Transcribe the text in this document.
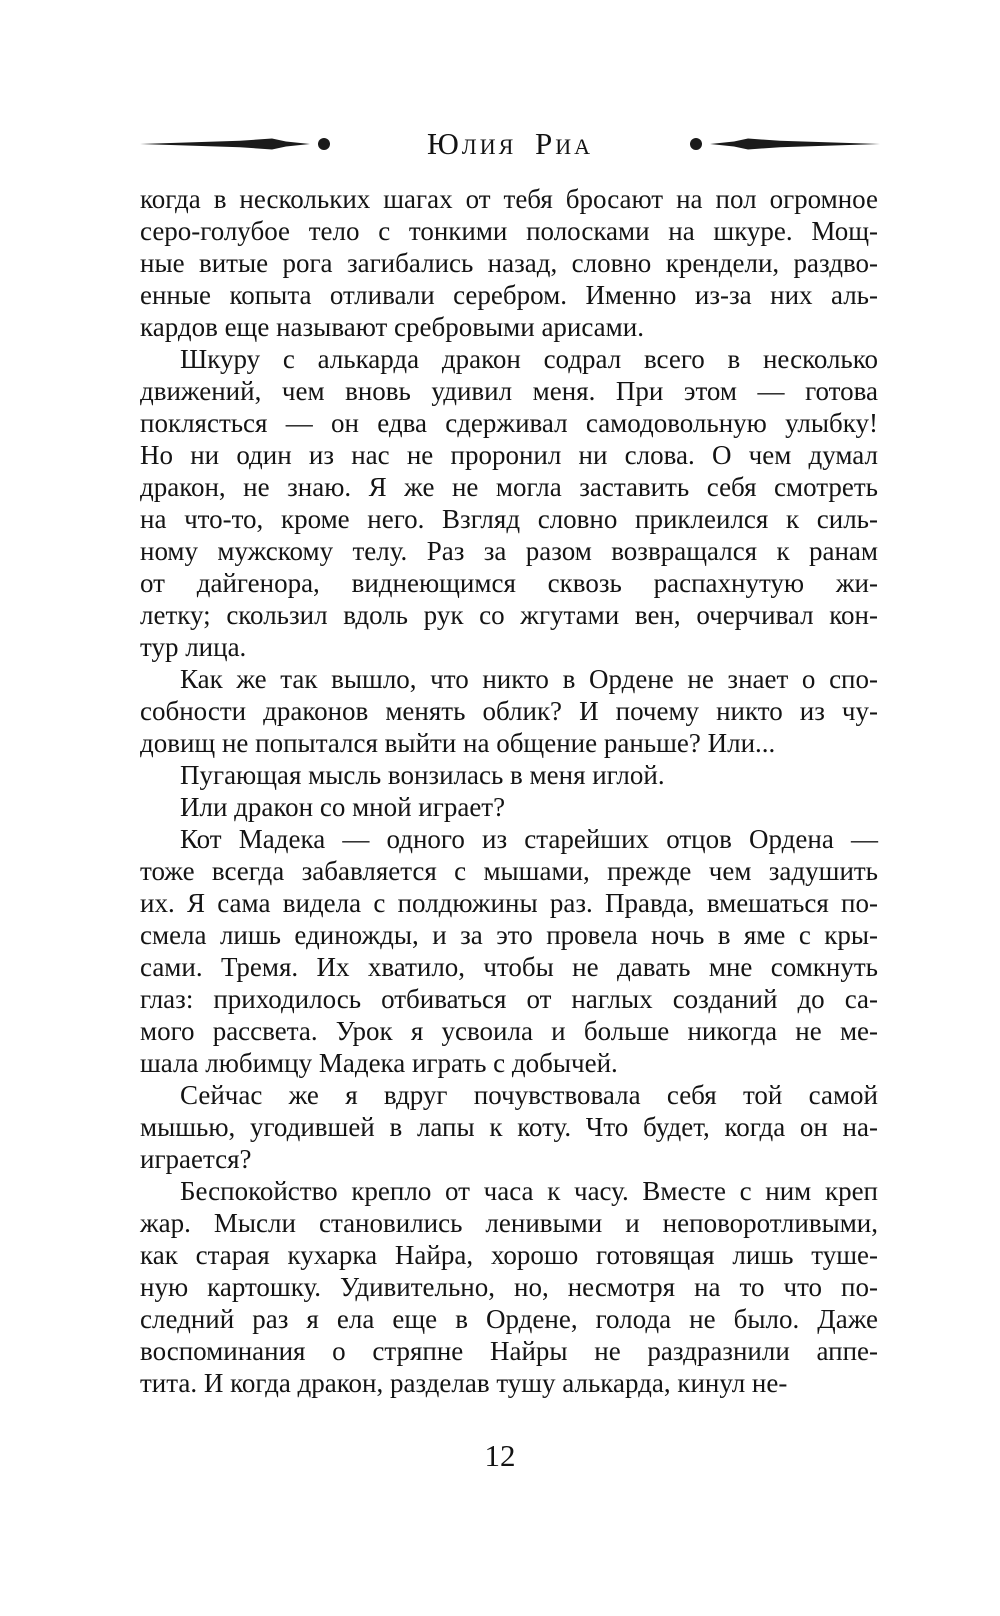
Юлия Риа
когда в нескольких шагах от тебя бросают на пол огромное
серо-голубое тело с тонкими полосками на шкуре. Мощ-
ные витые рога загибались назад, словно крендели, раздво-
енные копыта отливали серебром. Именно из-за них аль-
кардов еще называют сребровыми арисами.
Шкуру с алькарда дракон содрал всего в несколько
движений, чем вновь удивил меня. При этом — готова
поклясться — он едва сдерживал самодовольную улыбку!
Но ни один из нас не проронил ни слова. О чем думал
дракон, не знаю. Я же не могла заставить себя смотреть
на что-то, кроме него. Взгляд словно приклеился к силь-
ному мужскому телу. Раз за разом возвращался к ранам
от дайгенора, виднеющимся сквозь распахнутую жи-
летку; скользил вдоль рук со жгутами вен, очерчивал кон-
тур лица.
Как же так вышло, что никто в Ордене не знает о спо-
собности драконов менять облик? И почему никто из чу-
довищ не попытался выйти на общение раньше? Или...
Пугающая мысль вонзилась в меня иглой.
Или дракон со мной играет?
Кот Мадека — одного из старейших отцов Ордена —
тоже всегда забавляется с мышами, прежде чем задушить
их. Я сама видела с полдюжины раз. Правда, вмешаться по-
смела лишь единожды, и за это провела ночь в яме с кры-
сами. Тремя. Их хватило, чтобы не давать мне сомкнуть
глаз: приходилось отбиваться от наглых созданий до са-
мого рассвета. Урок я усвоила и больше никогда не ме-
шала любимцу Мадека играть с добычей.
Сейчас же я вдруг почувствовала себя той самой
мышью, угодившей в лапы к коту. Что будет, когда он на-
играется?
Беспокойство крепло от часа к часу. Вместе с ним креп
жар. Мысли становились ленивыми и неповоротливыми,
как старая кухарка Найра, хорошо готовящая лишь туше-
ную картошку. Удивительно, но, несмотря на то что по-
следний раз я ела еще в Ордене, голода не было. Даже
воспоминания о стряпне Найры не раздразнили аппе-
тита. И когда дракон, разделав тушу алькарда, кинул не-
12
